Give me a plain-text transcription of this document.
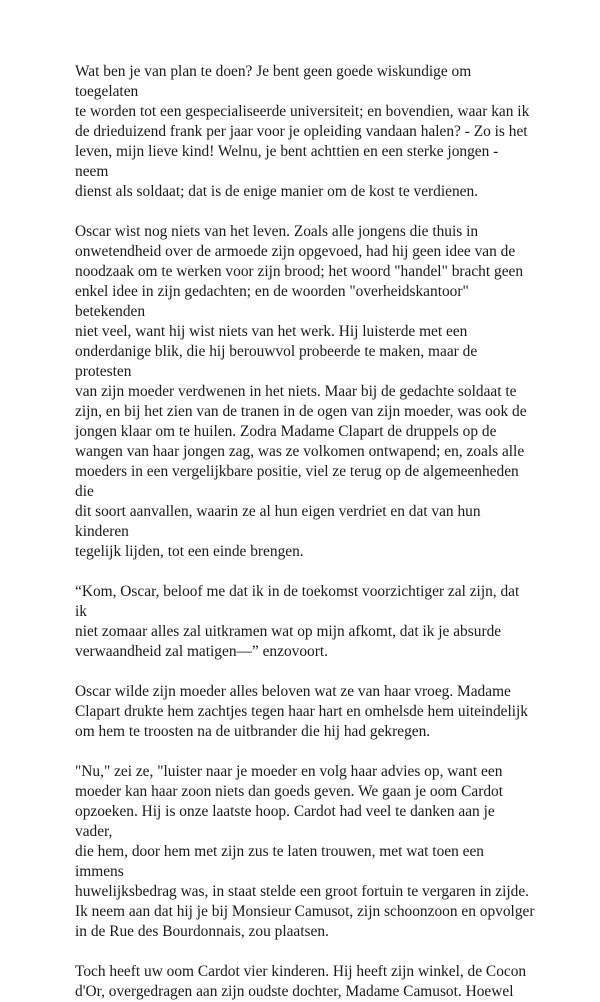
Wat ben je van plan te doen? Je bent geen goede wiskundige om toegelaten
te worden tot een gespecialiseerde universiteit; en bovendien, waar kan ik
de drieduizend frank per jaar voor je opleiding vandaan halen? - Zo is het
leven, mijn lieve kind! Welnu, je bent achttien en een sterke jongen - neem
dienst als soldaat; dat is de enige manier om de kost te verdienen.

Oscar wist nog niets van het leven. Zoals alle jongens die thuis in
onwetendheid over de armoede zijn opgevoed, had hij geen idee van de
noodzaak om te werken voor zijn brood; het woord "handel" bracht geen
enkel idee in zijn gedachten; en de woorden "overheidskantoor" betekenden
niet veel, want hij wist niets van het werk. Hij luisterde met een
onderdanige blik, die hij berouwvol probeerde te maken, maar de protesten
van zijn moeder verdwenen in het niets. Maar bij de gedachte soldaat te
zijn, en bij het zien van de tranen in de ogen van zijn moeder, was ook de
jongen klaar om te huilen. Zodra Madame Clapart de druppels op de
wangen van haar jongen zag, was ze volkomen ontwapend; en, zoals alle
moeders in een vergelijkbare positie, viel ze terug op de algemeenheden die
dit soort aanvallen, waarin ze al hun eigen verdriet en dat van hun kinderen
tegelijk lijden, tot een einde brengen.

“Kom, Oscar, beloof me dat ik in de toekomst voorzichtiger zal zijn, dat ik
niet zomaar alles zal uitkramen wat op mijn afkomt, dat ik je absurde
verwaandheid zal matigen—” enzovoort.

Oscar wilde zijn moeder alles beloven wat ze van haar vroeg. Madame
Clapart drukte hem zachtjes tegen haar hart en omhelsde hem uiteindelijk
om hem te troosten na de uitbrander die hij had gekregen.

"Nu," zei ze, "luister naar je moeder en volg haar advies op, want een
moeder kan haar zoon niets dan goeds geven. We gaan je oom Cardot
opzoeken. Hij is onze laatste hoop. Cardot had veel te danken aan je vader,
die hem, door hem met zijn zus te laten trouwen, met wat toen een immens
huwelijksbedrag was, in staat stelde een groot fortuin te vergaren in zijde.
Ik neem aan dat hij je bij Monsieur Camusot, zijn schoonzoon en opvolger
in de Rue des Bourdonnais, zou plaatsen.

Toch heeft uw oom Cardot vier kinderen. Hij heeft zijn winkel, de Cocon
d'Or, overgedragen aan zijn oudste dochter, Madame Camusot. Hoewel
